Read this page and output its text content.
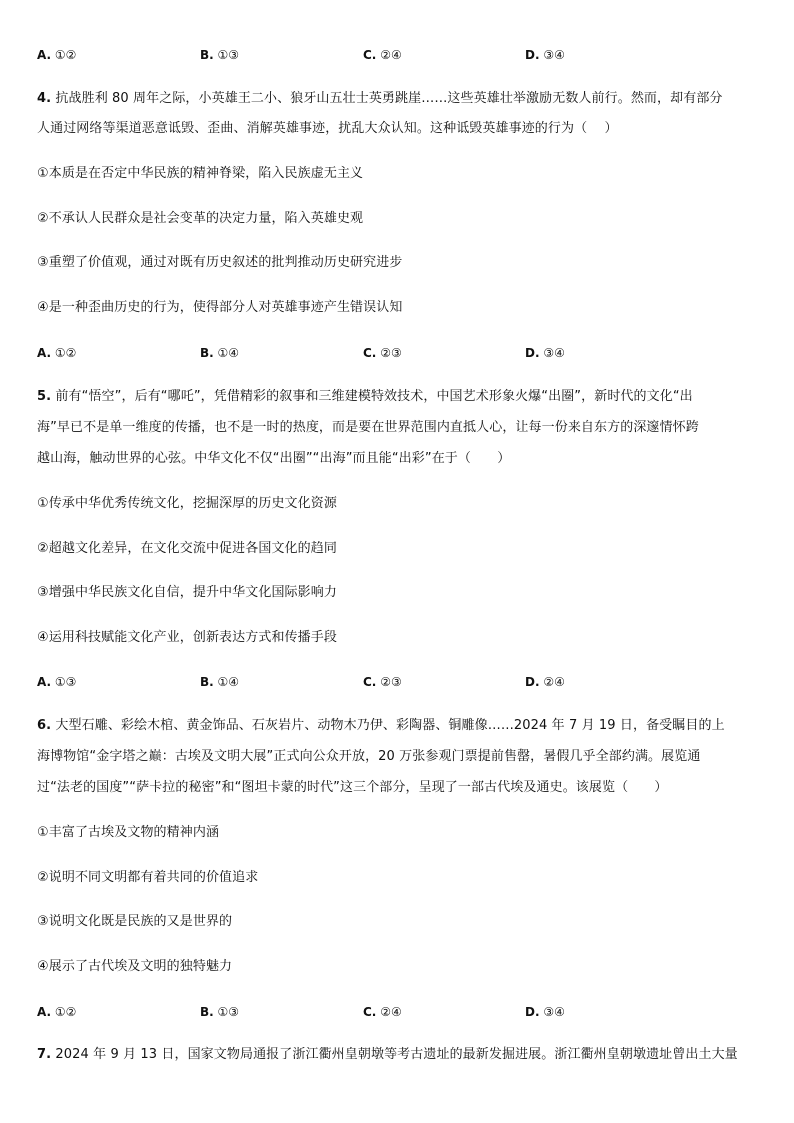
A. ①②	B. ①③	C. ②④	D. ③④
4. 抗战胜利 80 周年之际，小英雄王二小、狼牙山五壮士英勇跳崖……这些英雄壮举激励无数人前行。然而，却有部分
人通过网络等渠道恶意诋毁、歪曲、消解英雄事迹，扰乱大众认知。这种诋毁英雄事迹的行为（　 ）
①本质是在否定中华民族的精神脊梁，陷入民族虚无主义
②不承认人民群众是社会变革的决定力量，陷入英雄史观
③重塑了价值观，通过对既有历史叙述的批判推动历史研究进步
④是一种歪曲历史的行为，使得部分人对英雄事迹产生错误认知
A. ①②	B. ①④	C. ②③	D. ③④
5. 前有“悟空”，后有“哪吒”，凭借精彩的叙事和三维建模特效技术，中国艺术形象火爆“出圈”，新时代的文化“出
海”早已不是单一维度的传播，也不是一时的热度，而是要在世界范围内直抵人心，让每一份来自东方的深邃情怀跨
越山海，触动世界的心弦。中华文化不仅“出圈”“出海”而且能“出彩”在于（　　）
①传承中华优秀传统文化，挖掘深厚的历史文化资源
②超越文化差异，在文化交流中促进各国文化的趋同
③增强中华民族文化自信，提升中华文化国际影响力
④运用科技赋能文化产业，创新表达方式和传播手段
A. ①③	B. ①④	C. ②③	D. ②④
6. 大型石雕、彩绘木棺、黄金饰品、石灰岩片、动物木乃伊、彩陶器、铜雕像……2024 年 7 月 19 日，备受瞩目的上
海博物馆“金字塔之巅：古埃及文明大展”正式向公众开放，20 万张参观门票提前售罄，暑假几乎全部约满。展览通
过“法老的国度”“萨卡拉的秘密”和“图坦卡蒙的时代”这三个部分，呈现了一部古代埃及通史。该展览（　　）
①丰富了古埃及文物的精神内涵
②说明不同文明都有着共同的价值追求
③说明文化既是民族的又是世界的
④展示了古代埃及文明的独特魅力
A. ①②	B. ①③	C. ②④	D. ③④
7. 2024 年 9 月 13 日，国家文物局通报了浙江衢州皇朝墩等考古遗址的最新发掘进展。浙江衢州皇朝墩遗址曾出土大量
